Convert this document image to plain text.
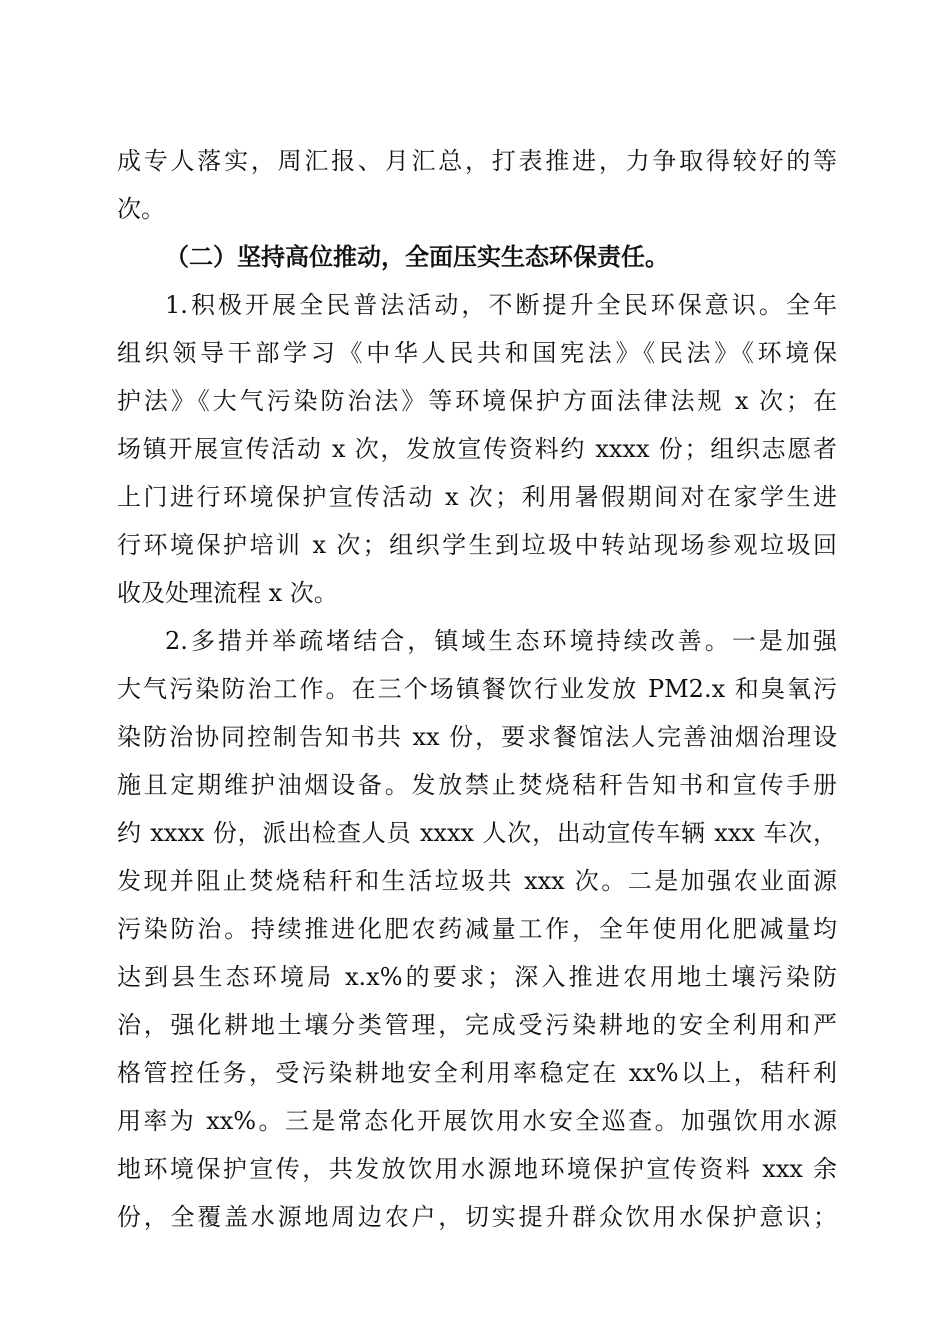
成专人落实，周汇报、月汇总，打表推进，力争取得较好的等
次。
（二）坚持高位推动，全面压实生态环保责任。
1.积极开展全民普法活动，不断提升全民环保意识。全年
组织领导干部学习《中华人民共和国宪法》《民法》《环境保
护法》《大气污染防治法》等环境保护方面法律法规 x 次；在
场镇开展宣传活动 x 次，发放宣传资料约 xxxx 份；组织志愿者
上门进行环境保护宣传活动 x 次；利用暑假期间对在家学生进
行环境保护培训 x 次；组织学生到垃圾中转站现场参观垃圾回
收及处理流程 x 次。
2.多措并举疏堵结合，镇域生态环境持续改善。一是加强
大气污染防治工作。在三个场镇餐饮行业发放 PM2.x 和臭氧污
染防治协同控制告知书共 xx 份，要求餐馆法人完善油烟治理设
施且定期维护油烟设备。发放禁止焚烧秸秆告知书和宣传手册
约 xxxx 份，派出检查人员 xxxx 人次，出动宣传车辆 xxx 车次，
发现并阻止焚烧秸秆和生活垃圾共 xxx 次。二是加强农业面源
污染防治。持续推进化肥农药减量工作，全年使用化肥减量均
达到县生态环境局 x.x%的要求；深入推进农用地土壤污染防
治，强化耕地土壤分类管理，完成受污染耕地的安全利用和严
格管控任务，受污染耕地安全利用率稳定在 xx%以上，秸秆利
用率为 xx%。三是常态化开展饮用水安全巡查。加强饮用水源
地环境保护宣传，共发放饮用水源地环境保护宣传资料 xxx 余
份，全覆盖水源地周边农户，切实提升群众饮用水保护意识；
